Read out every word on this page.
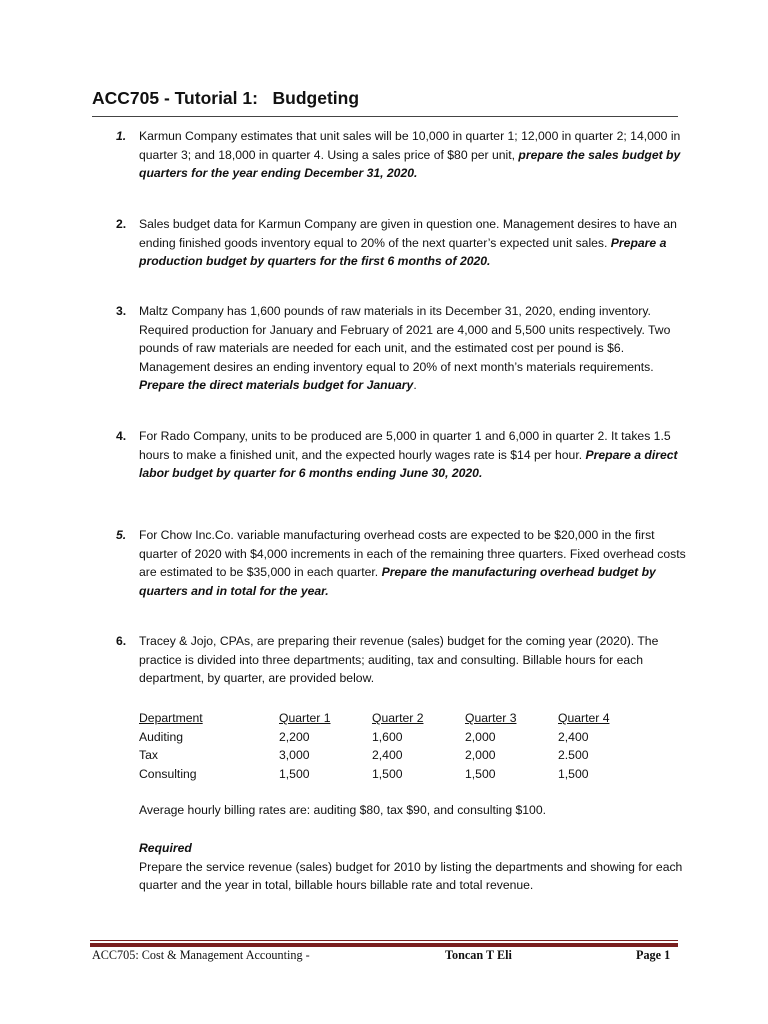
ACC705 - Tutorial 1:   Budgeting
1. Karmun Company estimates that unit sales will be 10,000 in quarter 1; 12,000 in quarter 2; 14,000 in quarter 3; and 18,000 in quarter 4. Using a sales price of $80 per unit, prepare the sales budget by quarters for the year ending December 31, 2020.
2. Sales budget data for Karmun Company are given in question one. Management desires to have an ending finished goods inventory equal to 20% of the next quarter’s expected unit sales. Prepare a production budget by quarters for the first 6 months of 2020.
3. Maltz Company has 1,600 pounds of raw materials in its December 31, 2020, ending inventory. Required production for January and February of 2021 are 4,000 and 5,500 units respectively. Two pounds of raw materials are needed for each unit, and the estimated cost per pound is $6. Management desires an ending inventory equal to 20% of next month’s materials requirements. Prepare the direct materials budget for January.
4. For Rado Company, units to be produced are 5,000 in quarter 1 and 6,000 in quarter 2. It takes 1.5 hours to make a finished unit, and the expected hourly wages rate is $14 per hour. Prepare a direct labor budget by quarter for 6 months ending June 30, 2020.
5. For Chow Inc.Co. variable manufacturing overhead costs are expected to be $20,000 in the first quarter of 2020 with $4,000 increments in each of the remaining three quarters. Fixed overhead costs are estimated to be $35,000 in each quarter. Prepare the manufacturing overhead budget by quarters and in total for the year.
6. Tracey & Jojo, CPAs, are preparing their revenue (sales) budget for the coming year (2020). The practice is divided into three departments; auditing, tax and consulting. Billable hours for each department, by quarter, are provided below.
Department	Quarter 1	Quarter 2	Quarter 3	Quarter 4
Auditing	2,200	1,600	2,000	2,400
Tax	3,000	2,400	2,000	2.500
Consulting	1,500	1,500	1,500	1,500
Average hourly billing rates are: auditing $80, tax $90, and consulting $100.
Required
Prepare the service revenue (sales) budget for 2010 by listing the departments and showing for each quarter and the year in total, billable hours billable rate and total revenue.
ACC705: Cost & Management Accounting -	Toncan T Eli	Page 1
